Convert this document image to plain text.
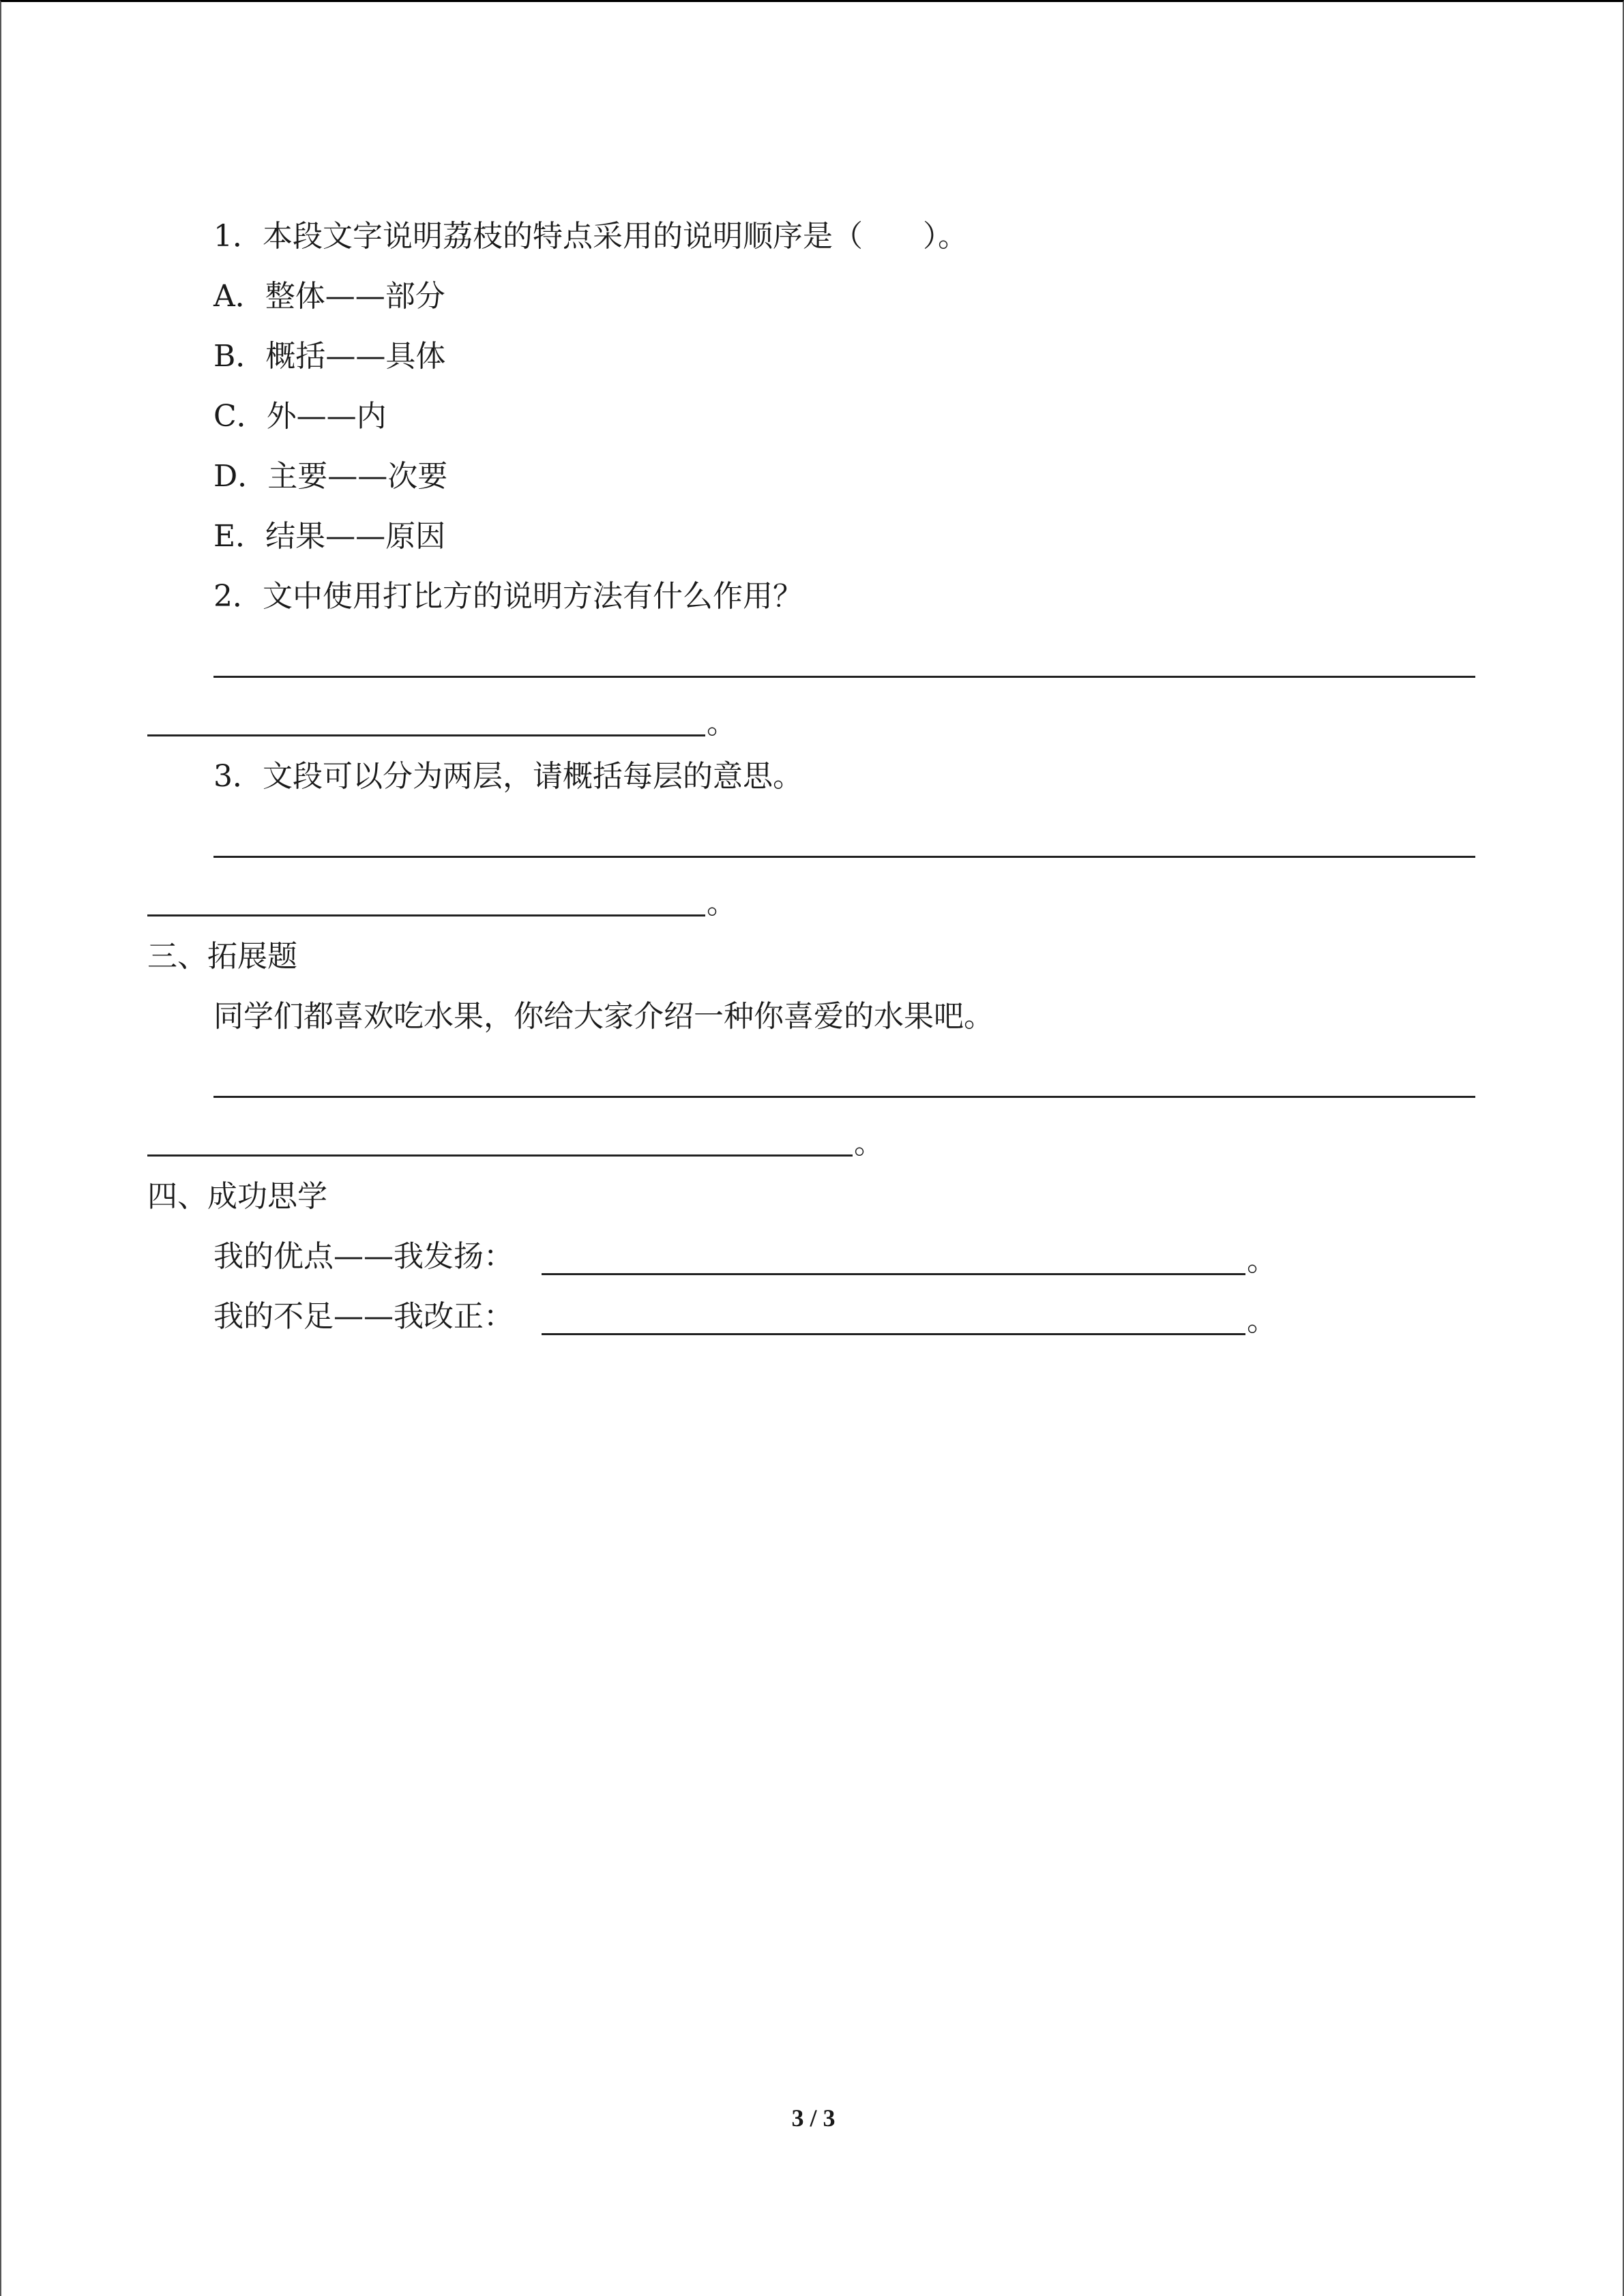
1．本段文字说明荔枝的特点采用的说明顺序是（　　）。
A．整体——部分
B．概括——具体
C．外——内
D．主要——次要
E．结果——原因
2．文中使用打比方的说明方法有什么作用？
。
3．文段可以分为两层，请概括每层的意思。
。
三、拓展题
同学们都喜欢吃水果，你给大家介绍一种你喜爱的水果吧。
。
四、成功思学
我的优点——我发扬：	。
我的不足——我改正：	。
3 / 3
